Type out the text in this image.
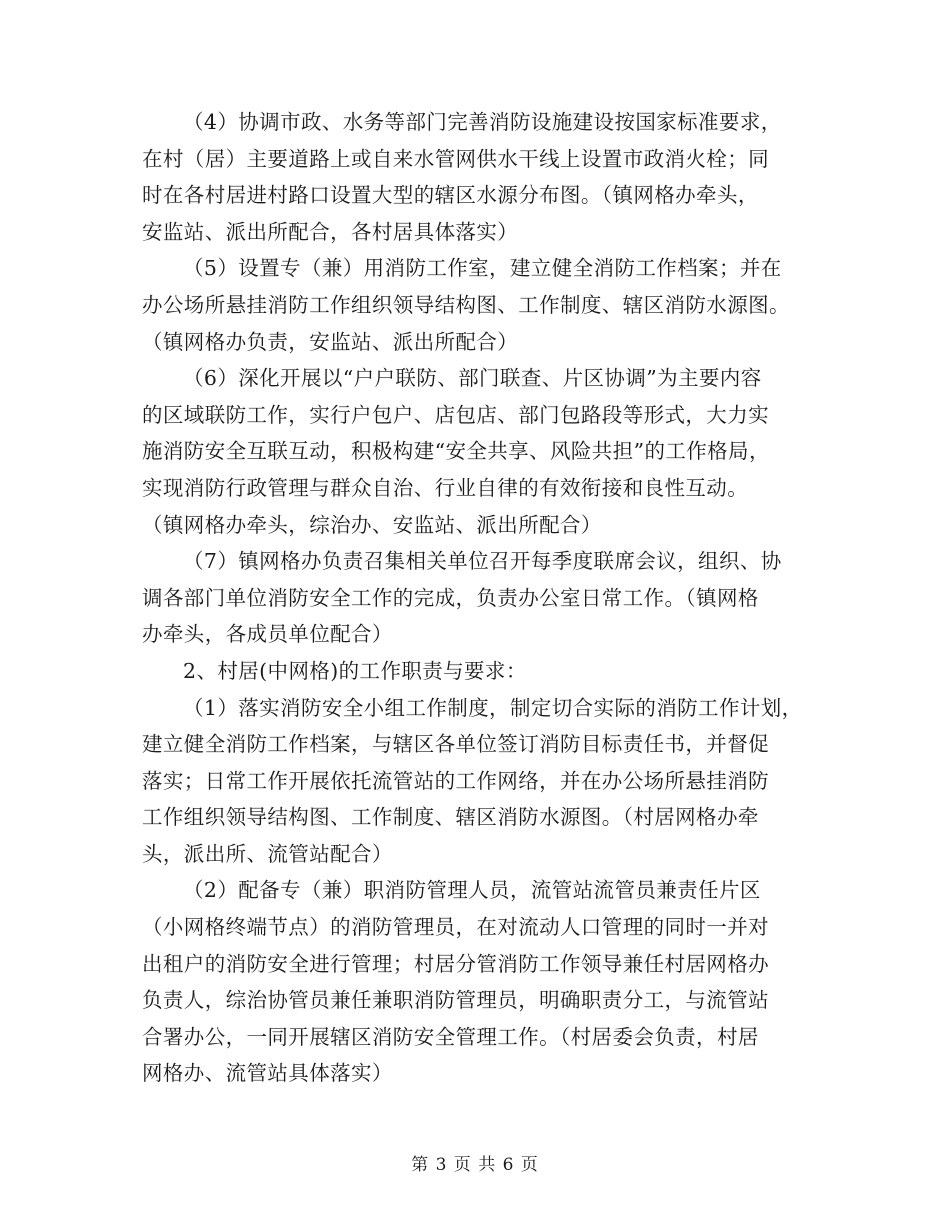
（4）协调市政、水务等部门完善消防设施建设按国家标准要求，
在村（居）主要道路上或自来水管网供水干线上设置市政消火栓；同
时在各村居进村路口设置大型的辖区水源分布图。（镇网格办牵头，
安监站、派出所配合，各村居具体落实）
（5）设置专（兼）用消防工作室，建立健全消防工作档案；并在
办公场所悬挂消防工作组织领导结构图、工作制度、辖区消防水源图。
（镇网格办负责，安监站、派出所配合）
（6）深化开展以“户户联防、部门联查、片区协调”为主要内容
的区域联防工作，实行户包户、店包店、部门包路段等形式，大力实
施消防安全互联互动，积极构建“安全共享、风险共担”的工作格局，
实现消防行政管理与群众自治、行业自律的有效衔接和良性互动。
（镇网格办牵头，综治办、安监站、派出所配合）
（7）镇网格办负责召集相关单位召开每季度联席会议，组织、协
调各部门单位消防安全工作的完成，负责办公室日常工作。（镇网格
办牵头，各成员单位配合）
2、村居(中网格)的工作职责与要求：
（1）落实消防安全小组工作制度，制定切合实际的消防工作计划，
建立健全消防工作档案，与辖区各单位签订消防目标责任书，并督促
落实；日常工作开展依托流管站的工作网络，并在办公场所悬挂消防
工作组织领导结构图、工作制度、辖区消防水源图。（村居网格办牵
头，派出所、流管站配合）
（2）配备专（兼）职消防管理人员，流管站流管员兼责任片区
（小网格终端节点）的消防管理员，在对流动人口管理的同时一并对
出租户的消防安全进行管理；村居分管消防工作领导兼任村居网格办
负责人，综治协管员兼任兼职消防管理员，明确职责分工，与流管站
合署办公，一同开展辖区消防安全管理工作。（村居委会负责，村居
网格办、流管站具体落实）
第 3 页 共 6 页
